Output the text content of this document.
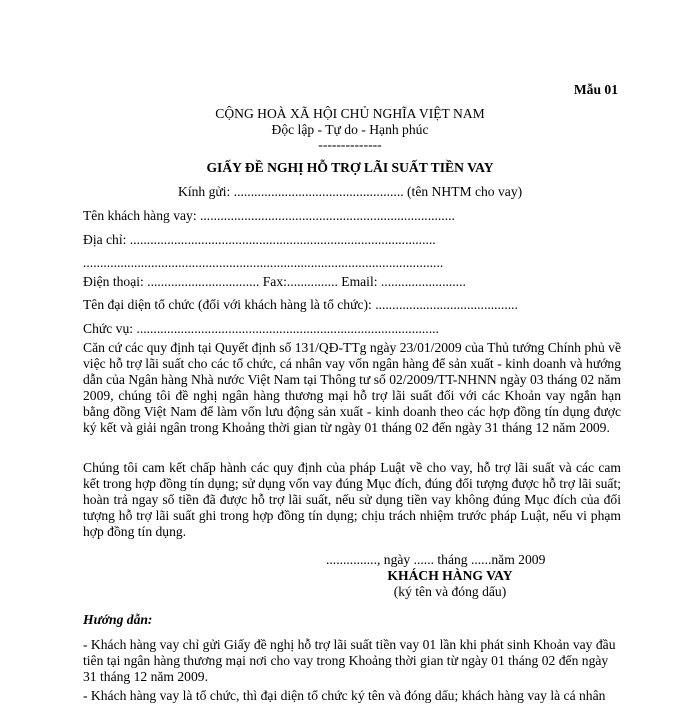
Mẫu 01
CỘNG HOÀ XÃ HỘI CHỦ NGHĨA VIỆT NAM
Độc lập - Tự do - Hạnh phúc
--------------
GIẤY ĐỀ NGHỊ HỖ TRỢ LÃI SUẤT TIỀN VAY
Kính gửi: .................................................. (tên NHTM cho vay)
Tên khách hàng vay: ...........................................................................
Địa chỉ: ..........................................................................................
..........................................................................................................
Điện thoại: ................................. Fax:............... Email: .........................
Tên đại diện tổ chức (đối với khách hàng là tổ chức): ..........................................
Chức vụ: .........................................................................................
Căn cứ các quy định tại Quyết định số 131/QĐ-TTg ngày 23/01/2009 của Thủ tướng Chính phủ về việc hỗ trợ lãi suất cho các tổ chức, cá nhân vay vốn ngân hàng để sản xuất - kinh doanh và hướng dẫn của Ngân hàng Nhà nước Việt Nam tại Thông tư số 02/2009/TT-NHNN ngày 03 tháng 02 năm 2009, chúng tôi đề nghị ngân hàng thương mại hỗ trợ lãi suất đối với các Khoản vay ngắn hạn bằng đồng Việt Nam để làm vốn lưu động sản xuất - kinh doanh theo các hợp đồng tín dụng được ký kết và giải ngân trong Khoảng thời gian từ ngày 01 tháng 02 đến ngày 31 tháng 12 năm 2009.
Chúng tôi cam kết chấp hành các quy định của pháp Luật về cho vay, hỗ trợ lãi suất và các cam kết trong hợp đồng tín dụng; sử dụng vốn vay đúng Mục đích, đúng đối tượng được hỗ trợ lãi suất; hoàn trả ngay số tiền đã được hỗ trợ lãi suất, nếu sử dụng tiền vay không đúng Mục đích của đối tượng hỗ trợ lãi suất ghi trong hợp đồng tín dụng; chịu trách nhiệm trước pháp Luật, nếu vi phạm hợp đồng tín dụng.
..............., ngày ...... tháng ......năm 2009
KHÁCH HÀNG VAY
(ký tên và đóng dấu)
Hướng dẫn:
- Khách hàng vay chỉ gửi Giấy đề nghị hỗ trợ lãi suất tiền vay 01 lần khi phát sinh Khoản vay đầu tiên tại ngân hàng thương mại nơi cho vay trong Khoảng thời gian từ ngày 01 tháng 02 đến ngày 31 tháng 12 năm 2009.
- Khách hàng vay là tổ chức, thì đại diện tổ chức ký tên và đóng dấu; khách hàng vay là cá nhân
